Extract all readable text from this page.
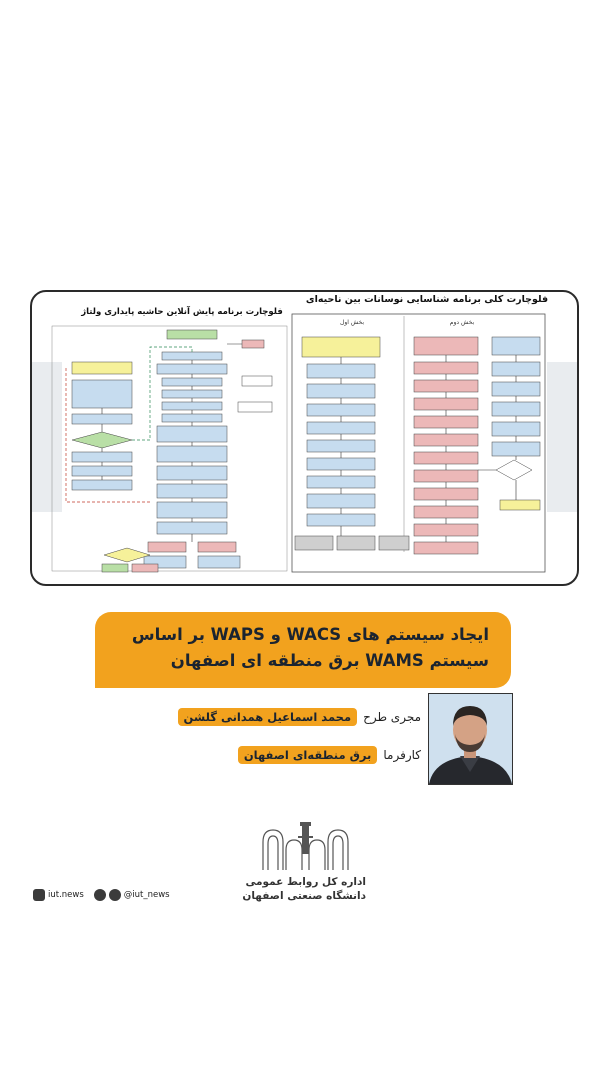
فلوچارت کلی برنامه شناسایی نوسانات بین ناحیه‌ای
بخش اول	بخش دوم
فلوچارت برنامه پایش آنلاین حاشیه پایداری ولتاژ
ایجاد سیستم های WACS و WAPS بر اساس
سیستم WAMS برق منطقه ای اصفهان
مجری طرح
محمد اسماعیل همدانی گلشن
کارفرما
برق منطقه‌ای اصفهان
اداره کل روابط عمومی
دانشگاه صنعتی اصفهان
iut.news	@iut_news
